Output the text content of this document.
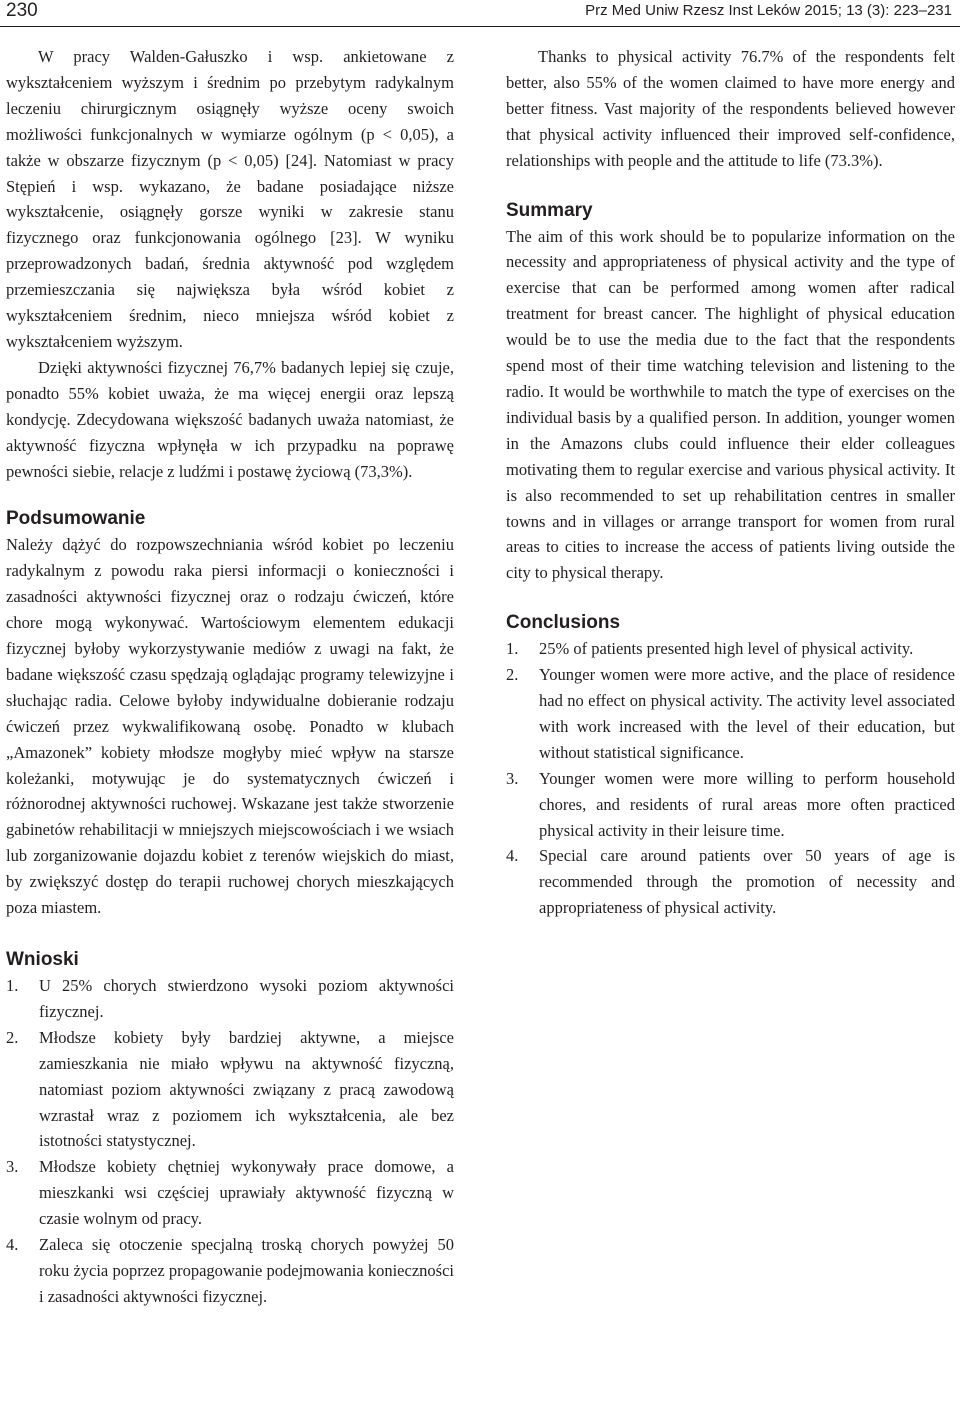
230	Prz Med Uniw Rzesz Inst Leków 2015; 13 (3): 223–231

W pracy Walden-Gałuszko i wsp. ankietowane z wykształceniem wyższym i średnim po przebytym radykalnym leczeniu chirurgicznym osiągnęły wyższe oceny swoich możliwości funkcjonalnych w wymiarze ogólnym (p < 0,05), a także w obszarze fizycznym (p < 0,05) [24]. Natomiast w pracy Stępień i wsp. wykazano, że badane posiadające niższe wykształcenie, osiągnęły gorsze wyniki w zakresie stanu fizycznego oraz funkcjonowania ogólnego [23]. W wyniku przeprowadzonych badań, średnia aktywność pod względem przemieszczania się największa była wśród kobiet z wykształceniem średnim, nieco mniejsza wśród kobiet z wykształceniem wyższym.

Dzięki aktywności fizycznej 76,7% badanych lepiej się czuje, ponadto 55% kobiet uważa, że ma więcej energii oraz lepszą kondycję. Zdecydowana większość badanych uważa natomiast, że aktywność fizyczna wpłynęła w ich przypadku na poprawę pewności siebie, relacje z ludźmi i postawę życiową (73,3%).

Podsumowanie

Należy dążyć do rozpowszechniania wśród kobiet po leczeniu radykalnym z powodu raka piersi informacji o konieczności i zasadności aktywności fizycznej oraz o rodzaju ćwiczeń, które chore mogą wykonywać. Wartościowym elementem edukacji fizycznej byłoby wykorzystywanie mediów z uwagi na fakt, że badane większość czasu spędzają oglądając programy telewizyjne i słuchając radia. Celowe byłoby indywidualne dobieranie rodzaju ćwiczeń przez wykwalifikowaną osobę. Ponadto w klubach „Amazonek” kobiety młodsze mogłyby mieć wpływ na starsze koleżanki, motywując je do systematycznych ćwiczeń i różnorodnej aktywności ruchowej. Wskazane jest także stworzenie gabinetów rehabilitacji w mniejszych miejscowościach i we wsiach lub zorganizowanie dojazdu kobiet z terenów wiejskich do miast, by zwiększyć dostęp do terapii ruchowej chorych mieszkających poza miastem.

Wnioski
1. U 25% chorych stwierdzono wysoki poziom aktywności fizycznej.
2. Młodsze kobiety były bardziej aktywne, a miejsce zamieszkania nie miało wpływu na aktywność fizyczną, natomiast poziom aktywności związany z pracą zawodową wzrastał wraz z poziomem ich wykształcenia, ale bez istotności statystycznej.
3. Młodsze kobiety chętniej wykonywały prace domowe, a mieszkanki wsi częściej uprawiały aktywność fizyczną w czasie wolnym od pracy.
4. Zaleca się otoczenie specjalną troską chorych powyżej 50 roku życia poprzez propagowanie podejmowania konieczności i zasadności aktywności fizycznej.

Thanks to physical activity 76.7% of the respondents felt better, also 55% of the women claimed to have more energy and better fitness. Vast majority of the respondents believed however that physical activity influenced their improved self-confidence, relationships with people and the attitude to life (73.3%).

Summary

The aim of this work should be to popularize information on the necessity and appropriateness of physical activity and the type of exercise that can be performed among women after radical treatment for breast cancer. The highlight of physical education would be to use the media due to the fact that the respondents spend most of their time watching television and listening to the radio. It would be worthwhile to match the type of exercises on the individual basis by a qualified person. In addition, younger women in the Amazons clubs could influence their elder colleagues motivating them to regular exercise and various physical activity. It is also recommended to set up rehabilitation centres in smaller towns and in villages or arrange transport for women from rural areas to cities to increase the access of patients living outside the city to physical therapy.

Conclusions
1. 25% of patients presented high level of physical activity.
2. Younger women were more active, and the place of residence had no effect on physical activity. The activity level associated with work increased with the level of their education, but without statistical significance.
3. Younger women were more willing to perform household chores, and residents of rural areas more often practiced physical activity in their leisure time.
4. Special care around patients over 50 years of age is recommended through the promotion of necessity and appropriateness of physical activity.
